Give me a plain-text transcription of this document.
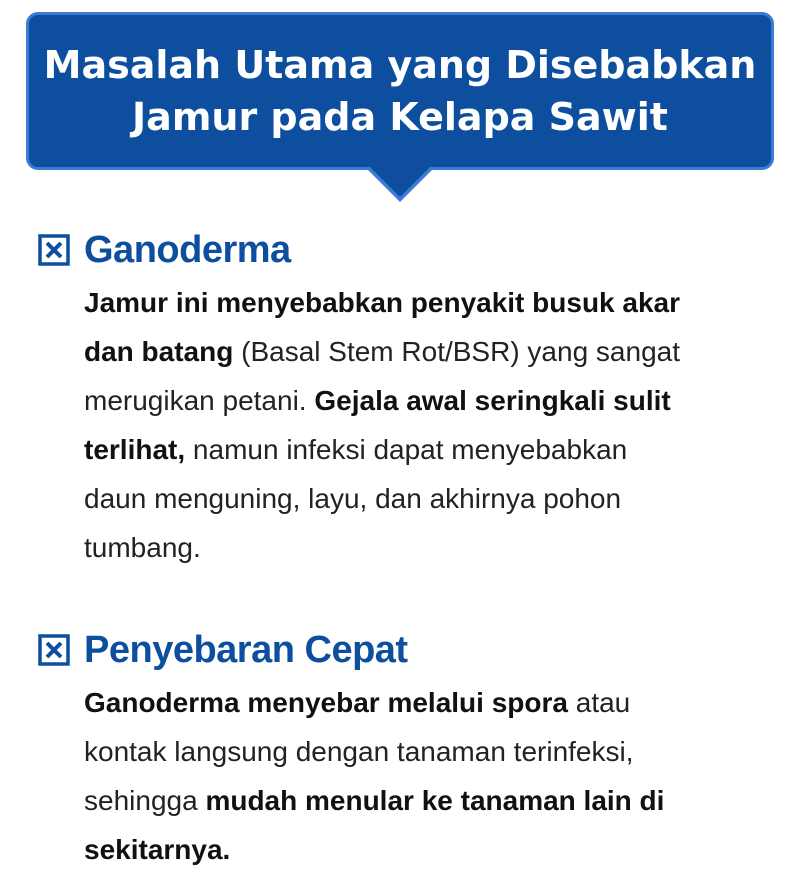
Masalah Utama yang Disebabkan
Jamur pada Kelapa Sawit
Ganoderma
Jamur ini menyebabkan penyakit busuk akar
dan batang (Basal Stem Rot/BSR) yang sangat
merugikan petani. Gejala awal seringkali sulit
terlihat, namun infeksi dapat menyebabkan
daun menguning, layu, dan akhirnya pohon
tumbang.
Penyebaran Cepat
Ganoderma menyebar melalui spora atau
kontak langsung dengan tanaman terinfeksi,
sehingga mudah menular ke tanaman lain di
sekitarnya.
